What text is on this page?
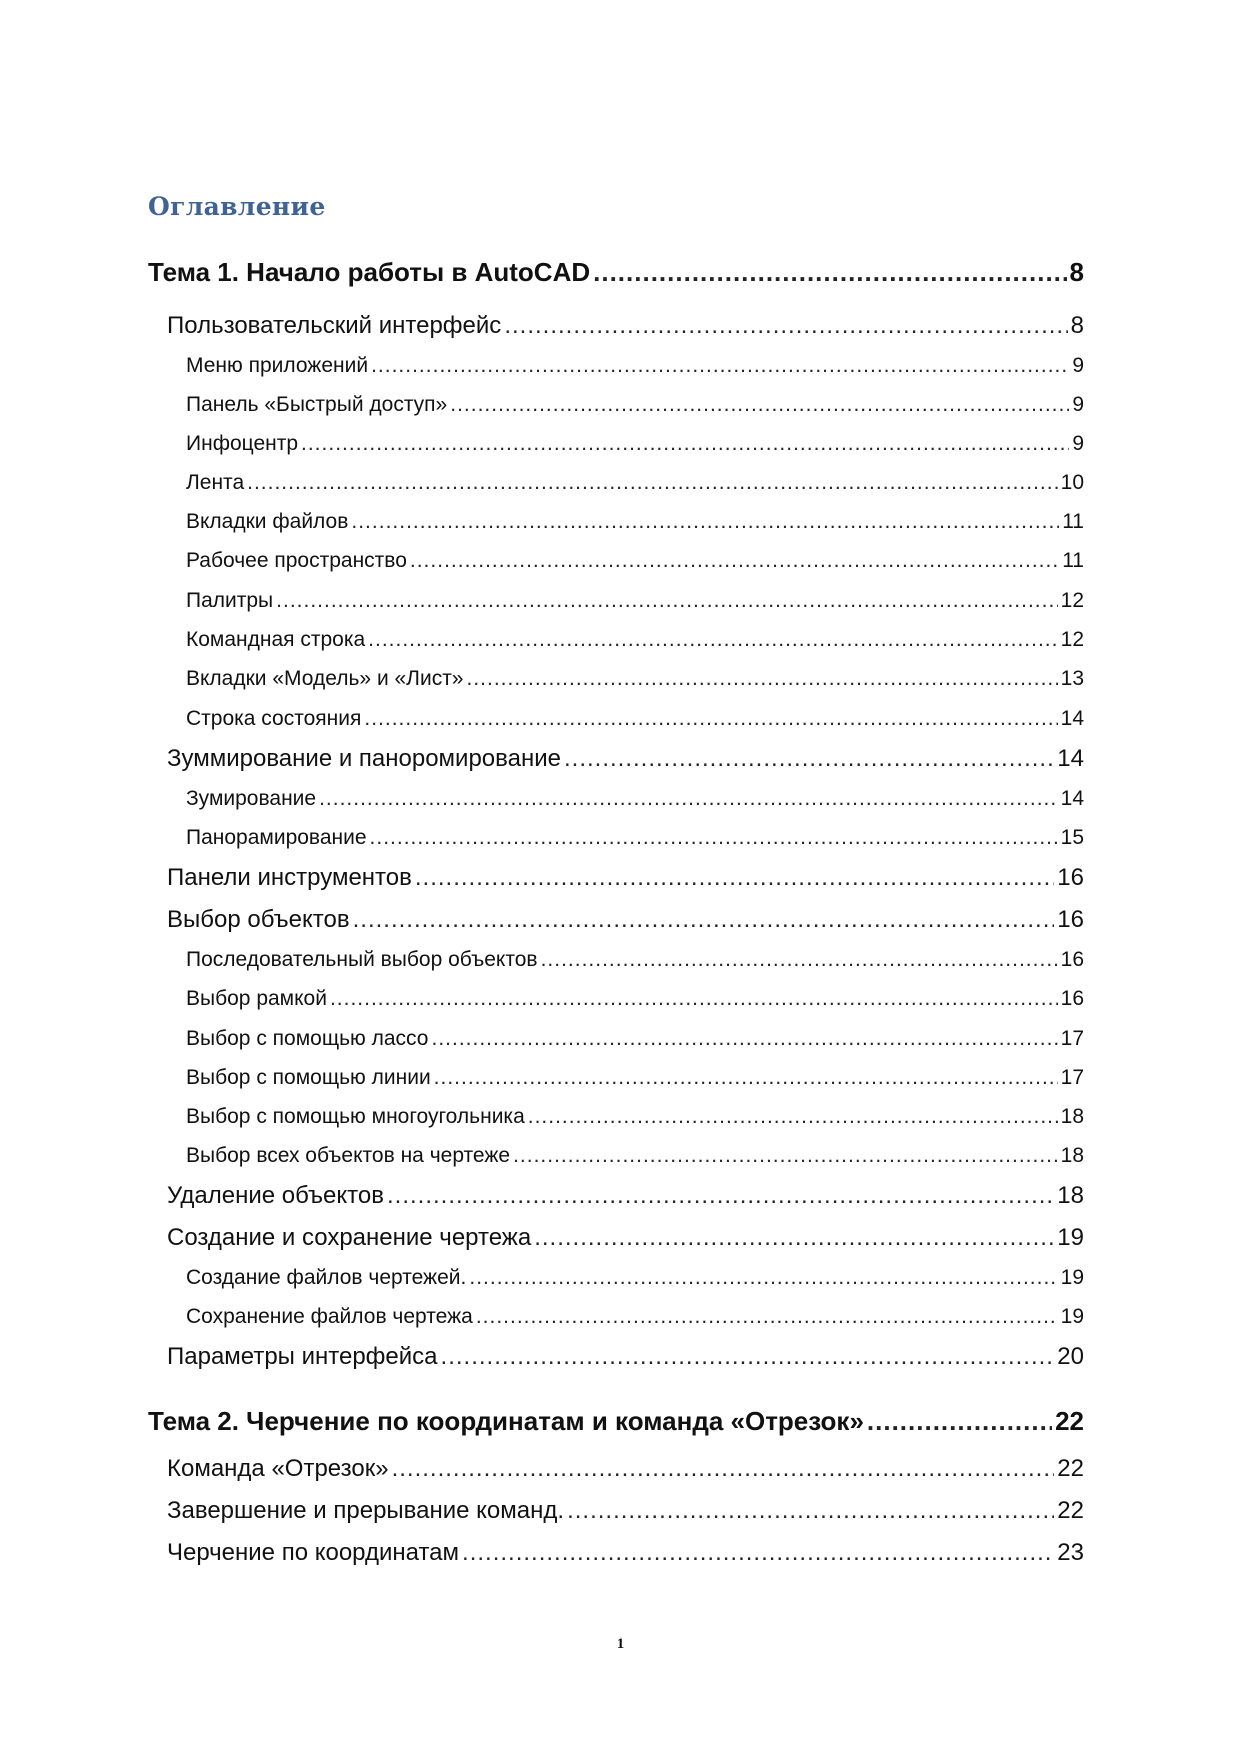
Оглавление
Тема 1. Начало работы в AutoCAD .....	8
Пользовательский интерфейс .....	8
Меню приложений .....	9
Панель «Быстрый доступ» .....	9
Инфоцентр .....	9
Лента .....	10
Вкладки файлов .....	11
Рабочее пространство .....	11
Палитры .....	12
Командная строка .....	12
Вкладки «Модель» и «Лист» .....	13
Строка состояния .....	14
Зуммирование и паноромирование .....	14
Зумирование .....	14
Панорамирование .....	15
Панели инструментов .....	16
Выбор объектов .....	16
Последовательный выбор объектов .....	16
Выбор рамкой .....	16
Выбор с помощью лассо .....	17
Выбор с помощью линии .....	17
Выбор с помощью многоугольника .....	18
Выбор всех объектов на чертеже .....	18
Удаление объектов .....	18
Создание и сохранение чертежа .....	19
Создание файлов чертежей. .....	19
Сохранение файлов чертежа .....	19
Параметры интерфейса .....	20
Тема 2. Черчение по координатам и команда «Отрезок» .....	22
Команда «Отрезок» .....	22
Завершение и прерывание команд. .....	22
Черчение по координатам .....	23
1
